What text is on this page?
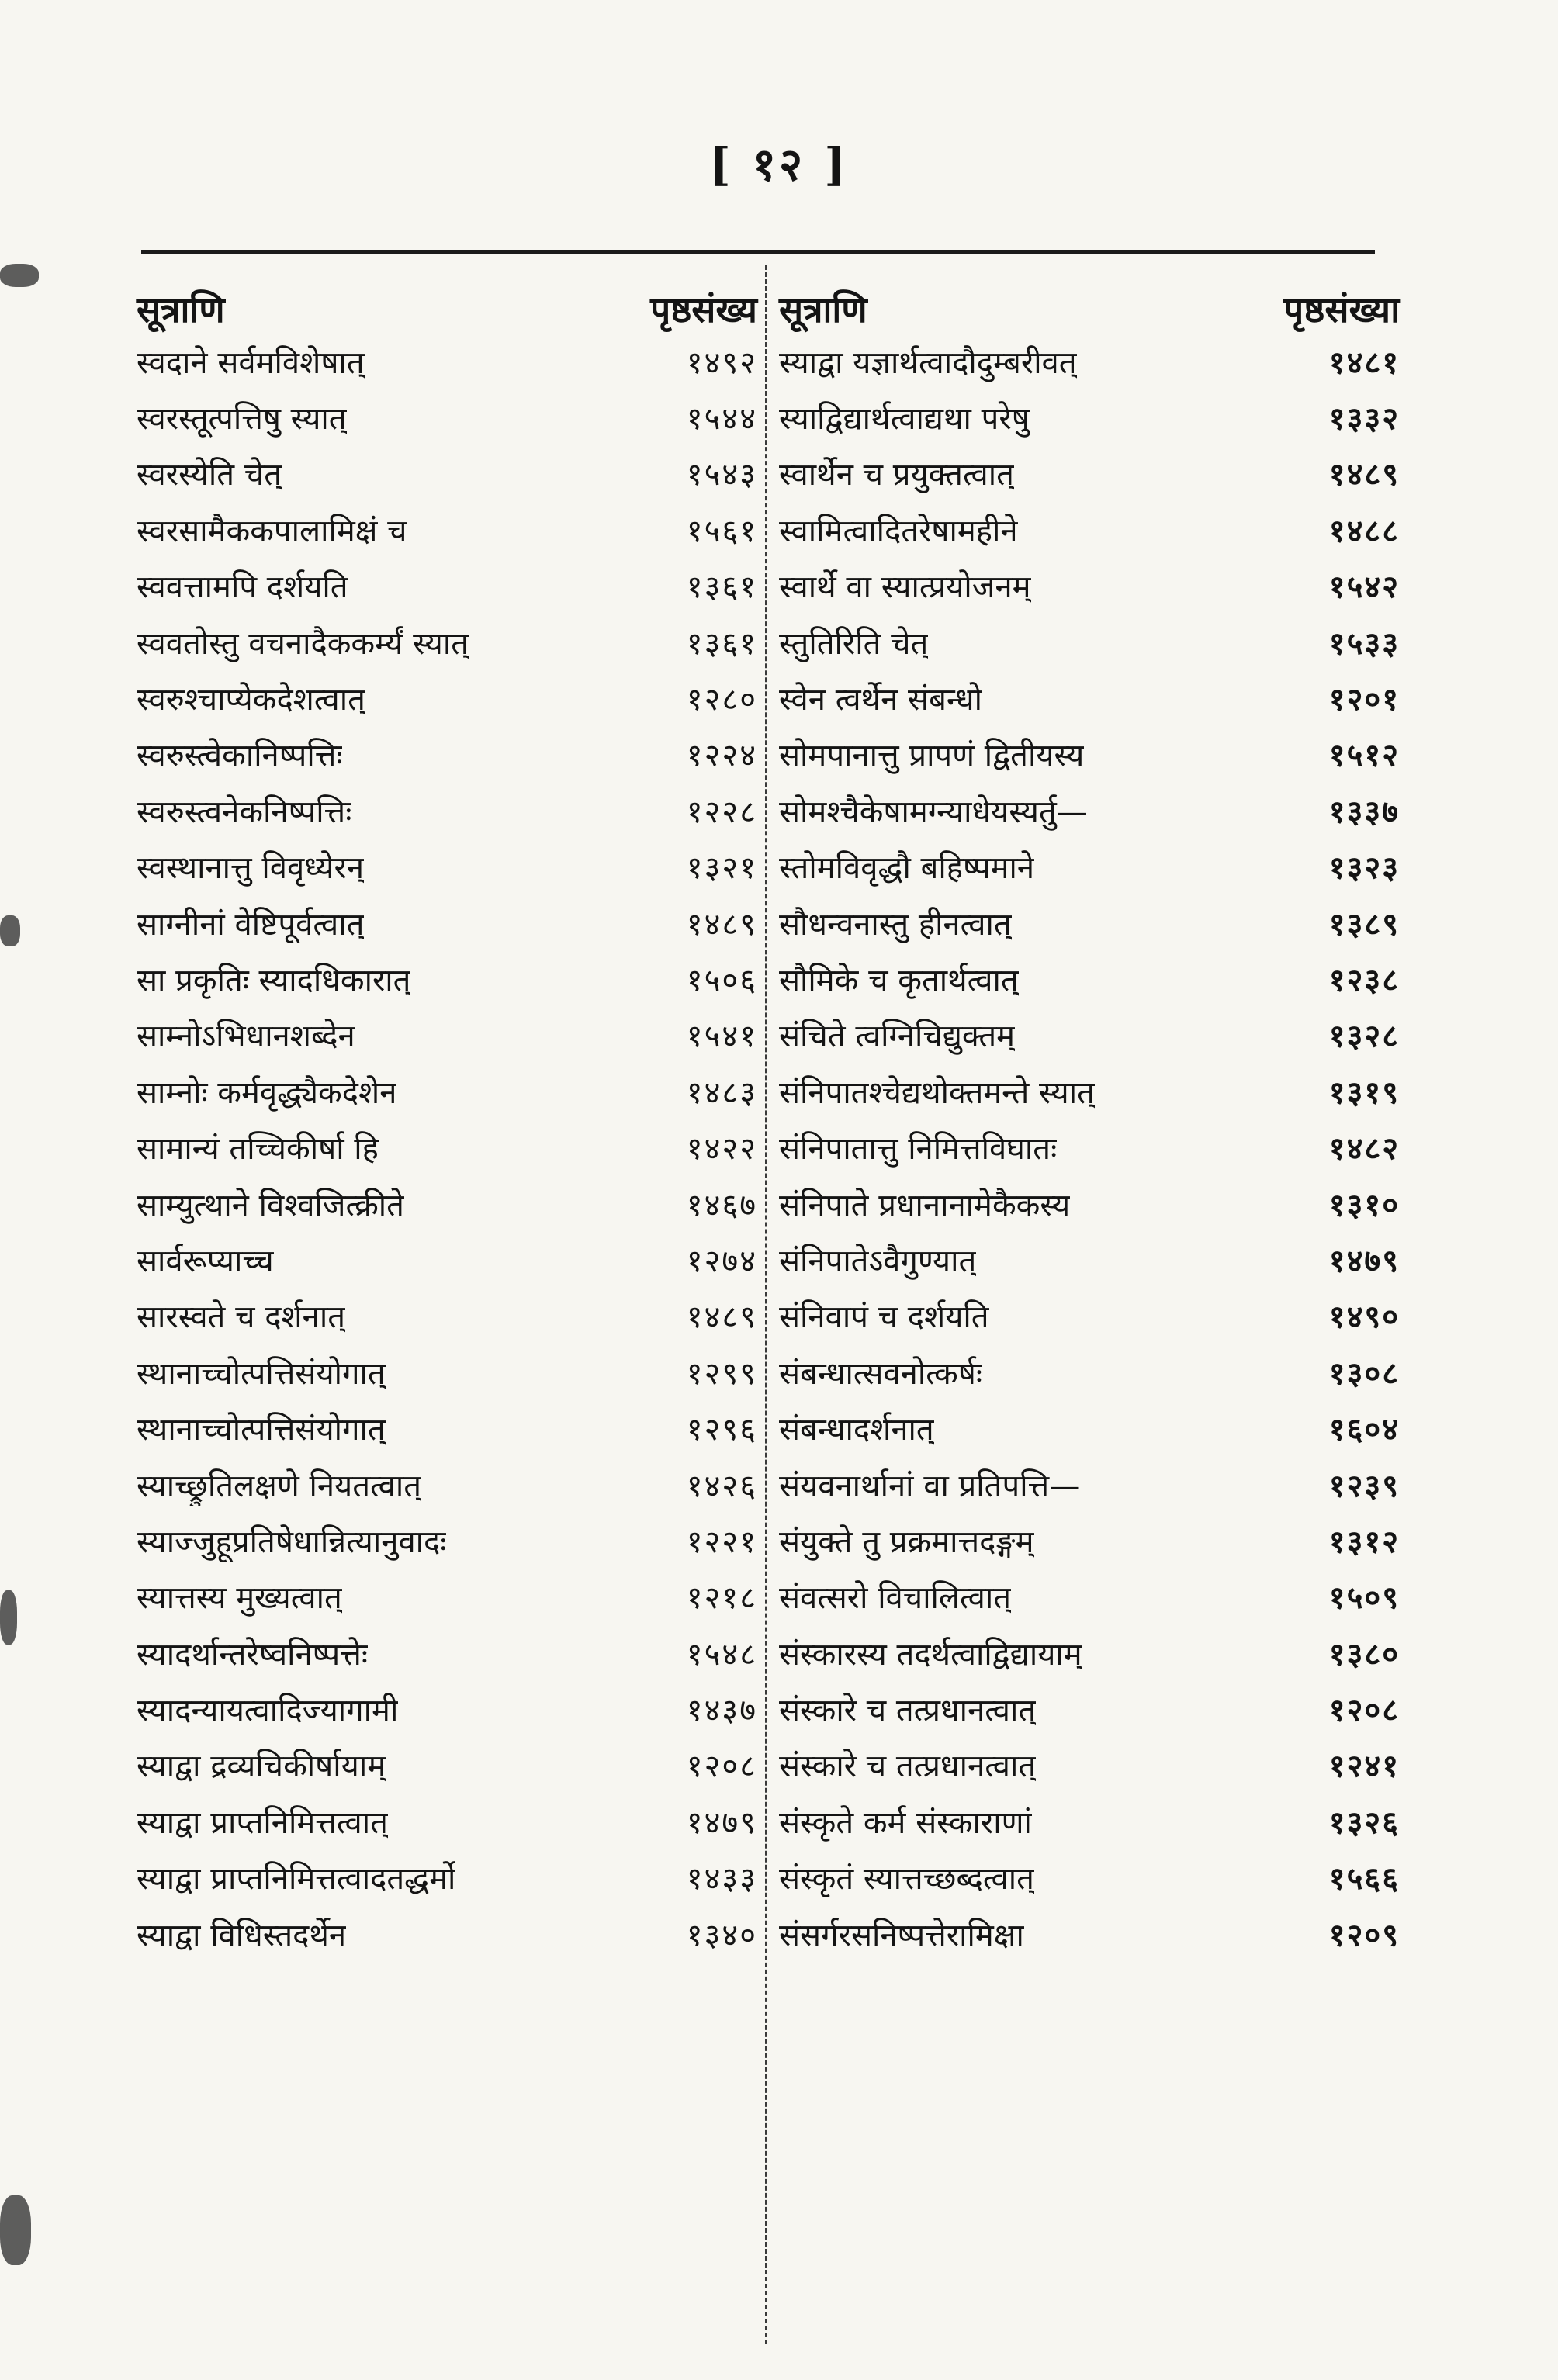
[ १२ ]
सूत्राणि	पृष्ठसंख्य
स्वदाने सर्वमविशेषात्	१४९२
स्वरस्तूत्पत्तिषु स्यात्	१५४४
स्वरस्येति चेत्	१५४३
स्वरसामैककपालामिक्षं च	१५६१
स्ववत्तामपि दर्शयति	१३६१
स्ववतोस्तु वचनादैककर्म्यं स्यात्	१३६१
स्वरुश्चाप्येकदेशत्वात्	१२८०
स्वरुस्त्वेकानिष्पत्तिः	१२२४
स्वरुस्त्वनेकनिष्पत्तिः	१२२८
स्वस्थानात्तु विवृध्येरन्	१३२१
साग्नीनां वेष्टिपूर्वत्वात्	१४८९
सा प्रकृतिः स्यादधिकारात्	१५०६
साम्नोऽभिधानशब्देन	१५४१
साम्नोः कर्मवृद्ध्यैकदेशेन	१४८३
सामान्यं तच्चिकीर्षा हि	१४२२
साम्युत्थाने विश्वजित्क्रीते	१४६७
सार्वरूप्याच्च	१२७४
सारस्वते च दर्शनात्	१४८९
स्थानाच्चोत्पत्तिसंयोगात्	१२९९
स्थानाच्चोत्पत्तिसंयोगात्	१२९६
स्याच्छ्रुतिलक्षणे नियतत्वात्	१४२६
स्याज्जुहूप्रतिषेधान्नित्यानुवादः	१२२१
स्यात्तस्य मुख्यत्वात्	१२१८
स्यादर्थान्तरेष्वनिष्पत्तेः	१५४८
स्यादन्यायत्वादिज्यागामी	१४३७
स्याद्वा द्रव्यचिकीर्षायाम्	१२०८
स्याद्वा प्राप्तनिमित्तत्वात्	१४७९
स्याद्वा प्राप्तनिमित्तत्वादतद्धर्मो	१४३३
स्याद्वा विधिस्तदर्थेन	१३४०
सूत्राणि	पृष्ठसंख्या
स्याद्वा यज्ञार्थत्वादौदुम्बरीवत्	१४८१
स्याद्विद्यार्थत्वाद्यथा परेषु	१३३२
स्वार्थेन च प्रयुक्तत्वात्	१४८९
स्वामित्वादितरेषामहीने	१४८८
स्वार्थे वा स्यात्प्रयोजनम्	१५४२
स्तुतिरिति चेत्	१५३३
स्वेन त्वर्थेन संबन्धो	१२०१
सोमपानात्तु प्रापणं द्वितीयस्य	१५१२
सोमश्चैकेषामग्न्याधेयस्यर्तु—	१३३७
स्तोमविवृद्धौ बहिष्पमाने	१३२३
सौधन्वनास्तु हीनत्वात्	१३८९
सौमिके च कृतार्थत्वात्	१२३८
संचिते त्वग्निचिद्युक्तम्	१३२८
संनिपातश्चेद्यथोक्तमन्ते स्यात्	१३१९
संनिपातात्तु निमित्तविघातः	१४८२
संनिपाते प्रधानानामेकैकस्य	१३१०
संनिपातेऽवैगुण्यात्	१४७९
संनिवापं च दर्शयति	१४९०
संबन्धात्सवनोत्कर्षः	१३०८
संबन्धादर्शनात्	१६०४
संयवनार्थानां वा प्रतिपत्ति—	१२३९
संयुक्ते तु प्रक्रमात्तदङ्गम्	१३१२
संवत्सरो विचालित्वात्	१५०९
संस्कारस्य तदर्थत्वाद्विद्यायाम्	१३८०
संस्कारे च तत्प्रधानत्वात्	१२०८
संस्कारे च तत्प्रधानत्वात्	१२४१
संस्कृते कर्म संस्काराणां	१३२६
संस्कृतं स्यात्तच्छब्दत्वात्	१५६६
संसर्गरसनिष्पत्तेरामिक्षा	१२०९
